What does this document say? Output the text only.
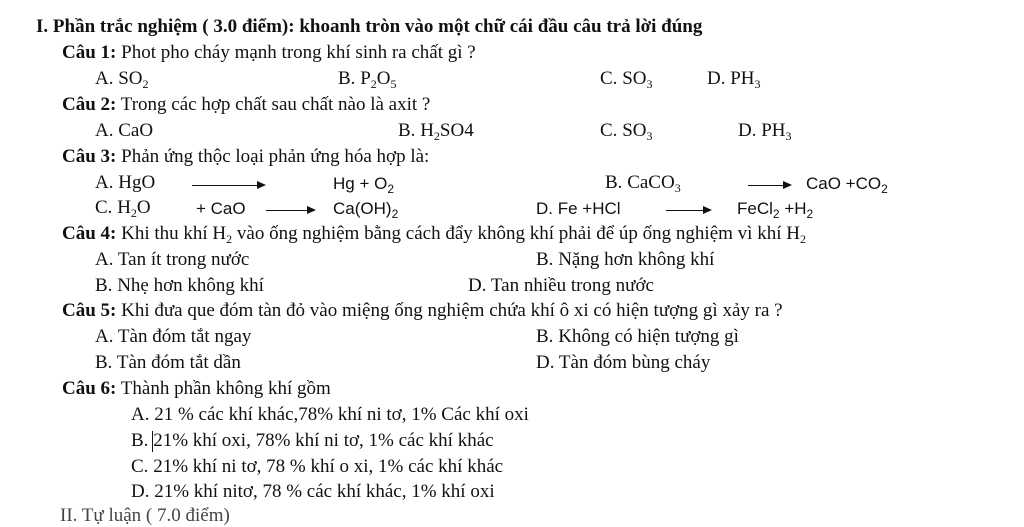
I. Phần trắc nghiệm ( 3.0 điểm): khoanh tròn vào một chữ cái đầu câu trả lời đúng
Câu 1: Phot pho cháy mạnh trong khí sinh ra chất gì ?
A. $SO_2$	B. $P_2O_5$	C. $SO_3$	D. $PH_3$
Câu 2: Trong các hợp chất sau chất nào là axit ?
A. CaO	B. $H_2SO4$	C. $SO_3$	D. $PH_3$
Câu 3: Phản ứng thộc loại phản ứng hóa hợp là:
A. HgO	$Hg + O_2$	B. CaCO$_3$	→ CaO $+CO_2$
C. $H_2O$	+ CaO → $Ca(OH)_2$	D. Fe +HCl	FeCl$_2$ $+H_2$
Câu 4: Khi thu khí $H_2$ vào ống nghiệm bằng cách đẩy không khí phải để úp ống nghiệm vì khí $H_2$
A. Tan ít trong nước	B. Nặng hơn không khí
B. Nhẹ hơn không khí	D. Tan nhiều trong nước
Câu 5: Khi đưa que đóm tàn đỏ vào miệng ống nghiệm chứa khí ô xi có hiện tượng gì xảy ra ?
A. Tàn đóm tắt ngay	B. Không có hiện tượng gì
B. Tàn đóm tắt dần	D. Tàn đóm bùng cháy
Câu 6: Thành phần không khí gồm
A. 21 % các khí khác,78% khí ni tơ, 1% Các khí oxi
B. 21% khí oxi, 78% khí ni tơ, 1% các khí khác
C. 21% khí ni tơ, 78 % khí o xi, 1% các khí khác
D. 21% khí nitơ, 78 % các khí khác, 1% khí oxi
II. Tự luận ( 7.0 điểm)
